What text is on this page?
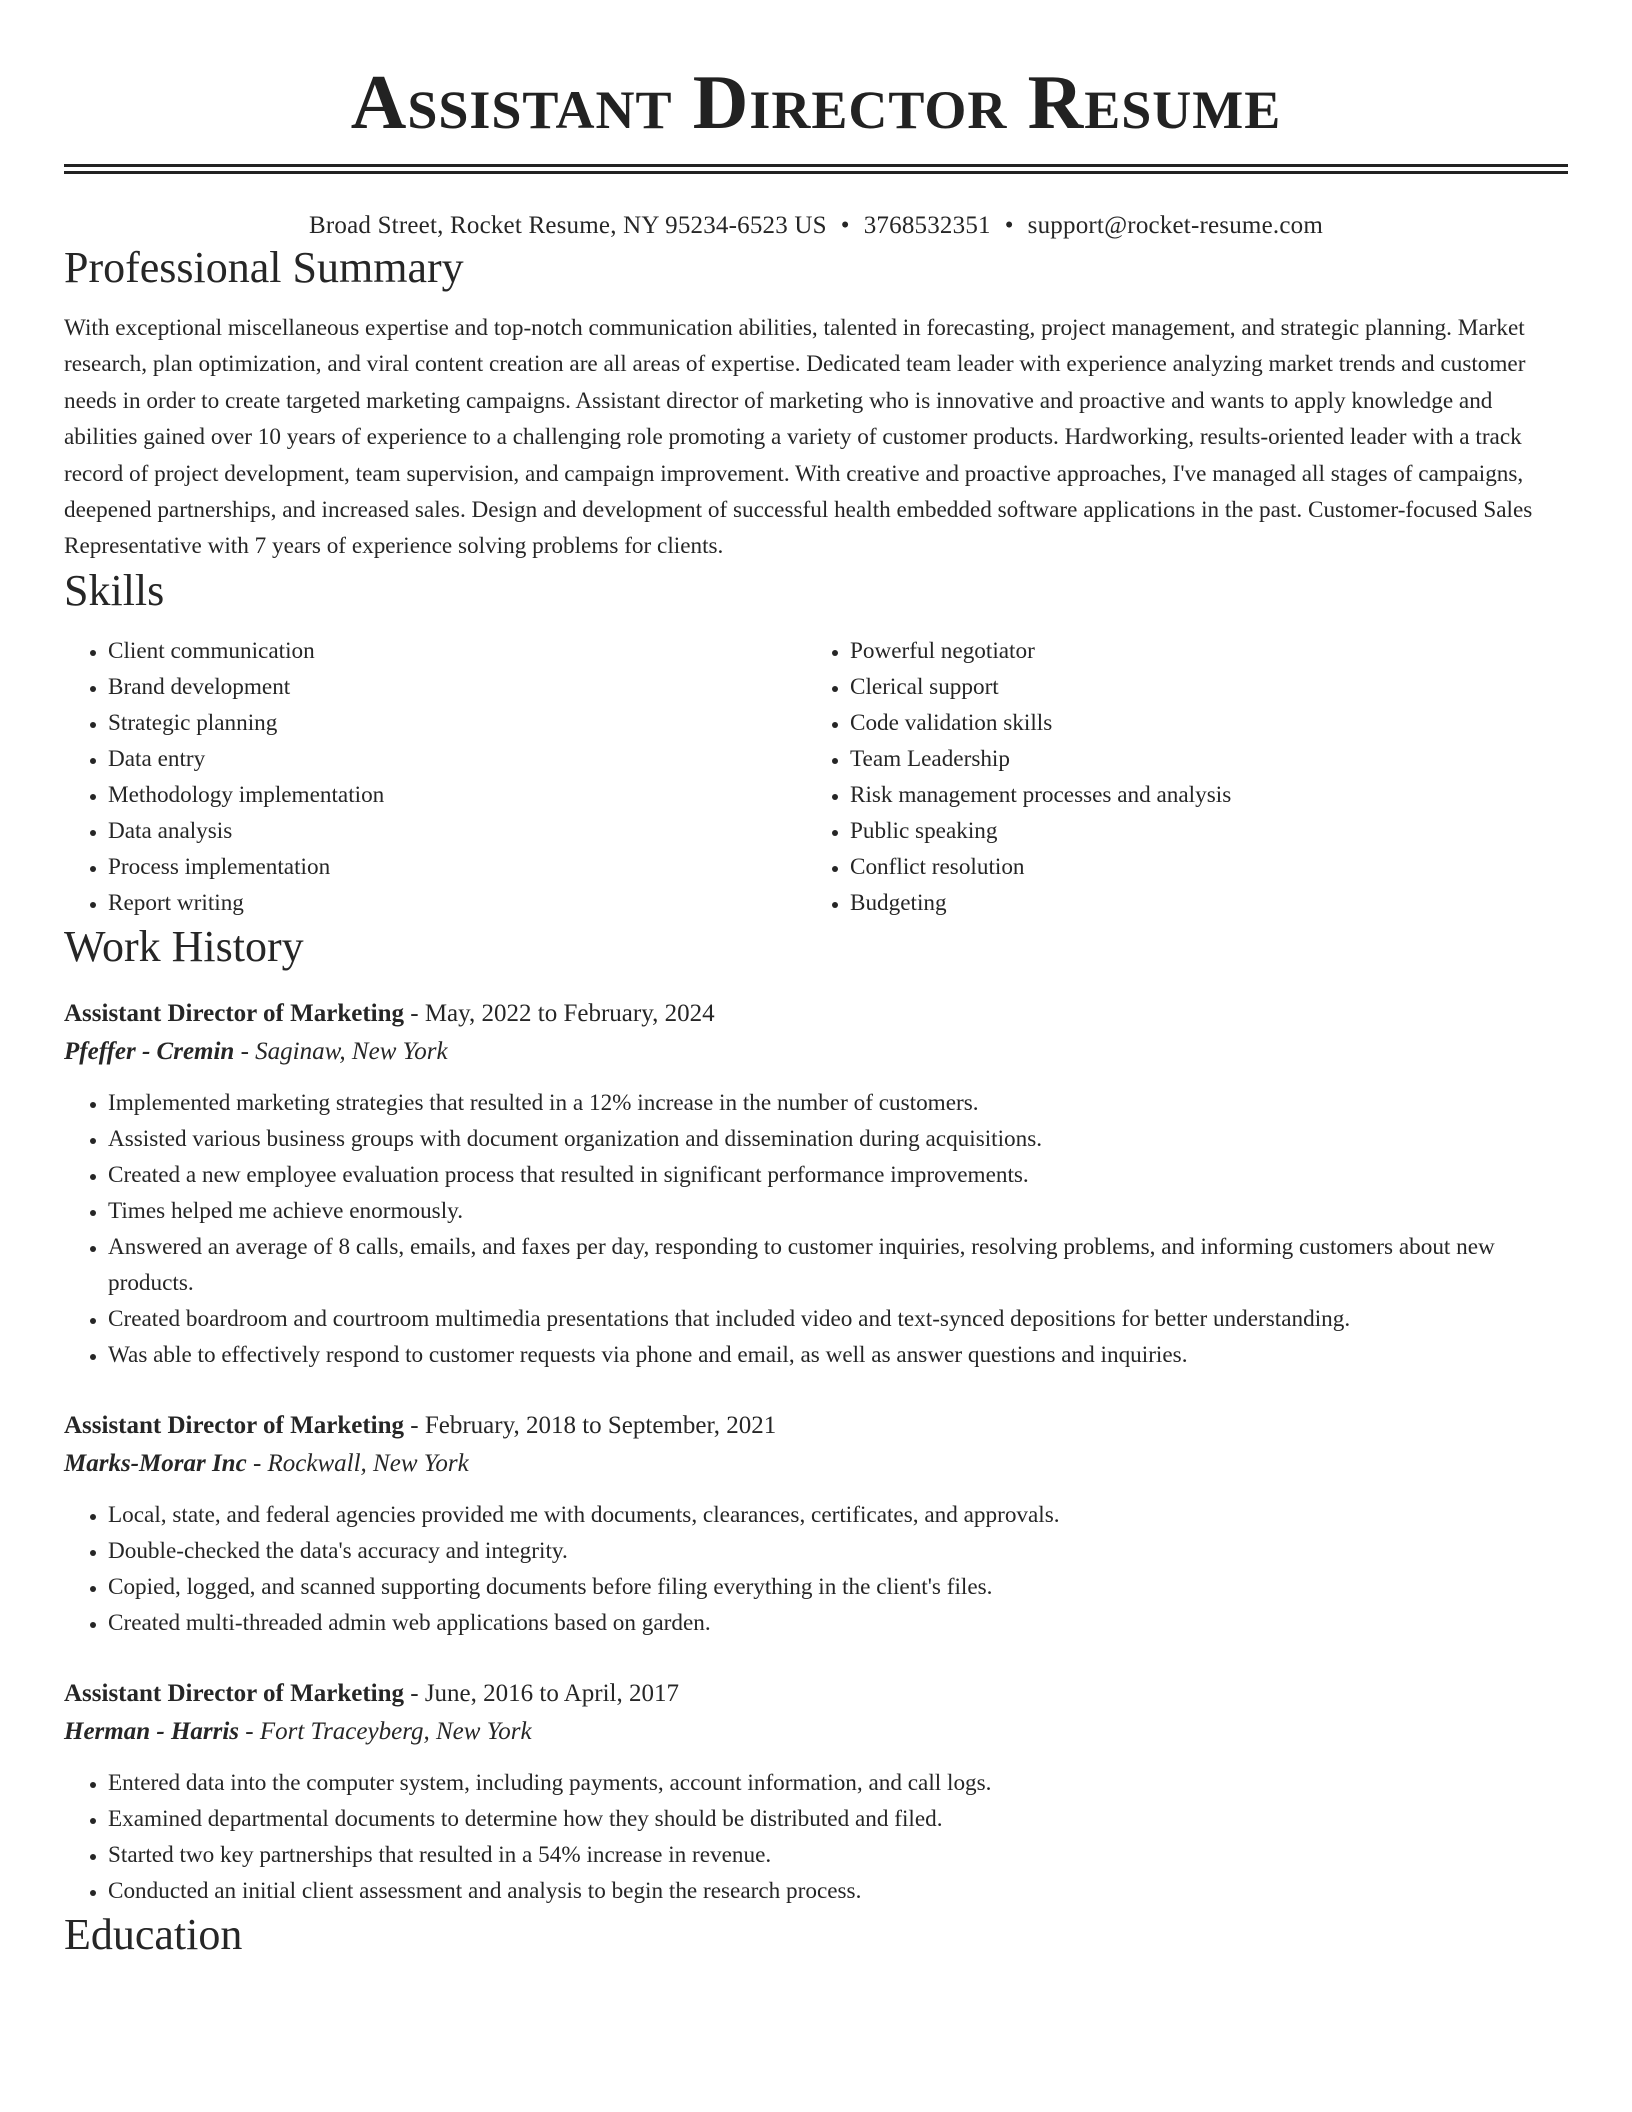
Assistant Director Resume
Broad Street, Rocket Resume, NY 95234-6523 US • 3768532351 • support@rocket-resume.com
Professional Summary

With exceptional miscellaneous expertise and top-notch communication abilities, talented in forecasting, project management, and strategic planning. Market research, plan optimization, and viral content creation are all areas of expertise. Dedicated team leader with experience analyzing market trends and customer needs in order to create targeted marketing campaigns. Assistant director of marketing who is innovative and proactive and wants to apply knowledge and abilities gained over 10 years of experience to a challenging role promoting a variety of customer products. Hardworking, results-oriented leader with a track record of project development, team supervision, and campaign improvement. With creative and proactive approaches, I've managed all stages of campaigns, deepened partnerships, and increased sales. Design and development of successful health embedded software applications in the past. Customer-focused Sales Representative with 7 years of experience solving problems for clients.

Skills
• Client communication
• Brand development
• Strategic planning
• Data entry
• Methodology implementation
• Data analysis
• Process implementation
• Report writing
• Powerful negotiator
• Clerical support
• Code validation skills
• Team Leadership
• Risk management processes and analysis
• Public speaking
• Conflict resolution
• Budgeting
Work History
Assistant Director of Marketing - May, 2022 to February, 2024
Pfeffer - Cremin - Saginaw, New York
• Implemented marketing strategies that resulted in a 12% increase in the number of customers.
• Assisted various business groups with document organization and dissemination during acquisitions.
• Created a new employee evaluation process that resulted in significant performance improvements.
• Times helped me achieve enormously.
• Answered an average of 8 calls, emails, and faxes per day, responding to customer inquiries, resolving problems, and informing customers about new products.
• Created boardroom and courtroom multimedia presentations that included video and text-synced depositions for better understanding.
• Was able to effectively respond to customer requests via phone and email, as well as answer questions and inquiries.
Assistant Director of Marketing - February, 2018 to September, 2021
Marks-Morar Inc - Rockwall, New York
• Local, state, and federal agencies provided me with documents, clearances, certificates, and approvals.
• Double-checked the data's accuracy and integrity.
• Copied, logged, and scanned supporting documents before filing everything in the client's files.
• Created multi-threaded admin web applications based on garden.
Assistant Director of Marketing - June, 2016 to April, 2017
Herman - Harris - Fort Traceyberg, New York
• Entered data into the computer system, including payments, account information, and call logs.
• Examined departmental documents to determine how they should be distributed and filed.
• Started two key partnerships that resulted in a 54% increase in revenue.
• Conducted an initial client assessment and analysis to begin the research process.
Education
